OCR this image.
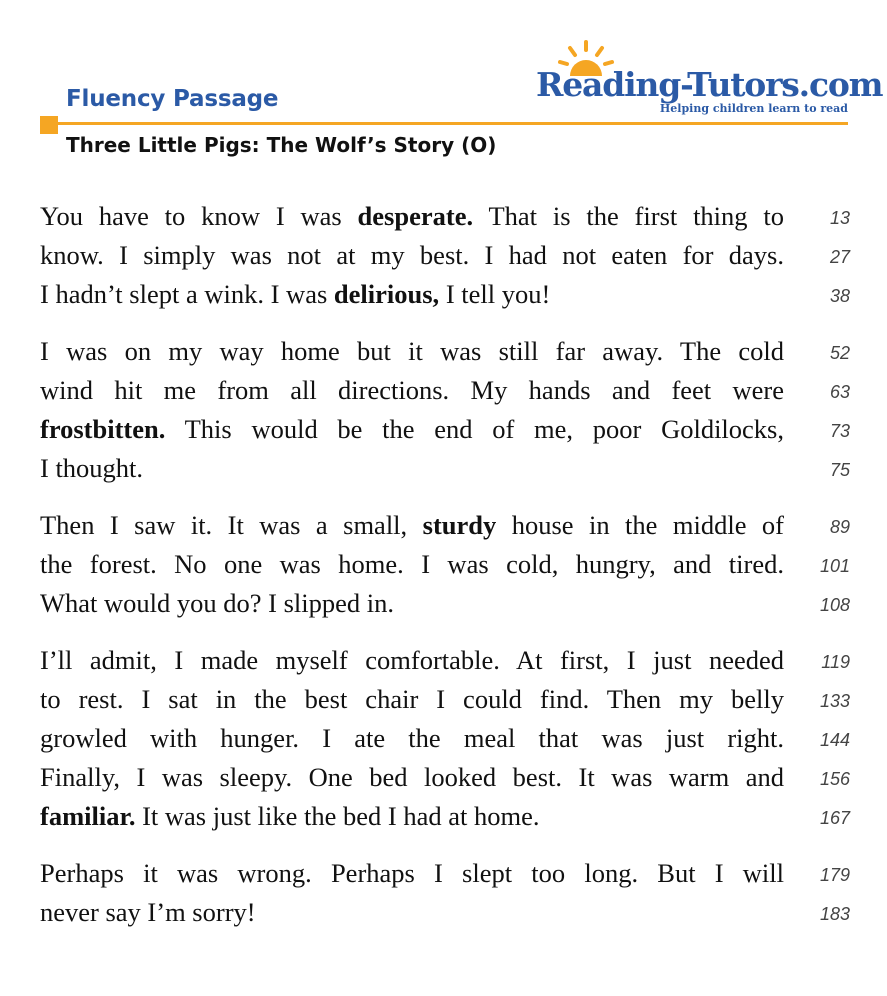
Reading-Tutors.com
Helping children learn to read
Fluency Passage
Three Little Pigs: The Wolf’s Story (O)
You have to know I was desperate. That is the first thing to	13
know. I simply was not at my best. I had not eaten for days.	27
I hadn’t slept a wink. I was delirious, I tell you!	38
I was on my way home but it was still far away. The cold	52
wind hit me from all directions. My hands and feet were	63
frostbitten. This would be the end of me, poor Goldilocks,	73
I thought.	75
Then I saw it. It was a small, sturdy house in the middle of	89
the forest. No one was home. I was cold, hungry, and tired. 101
What would you do? I slipped in.	108
I’ll admit, I made myself comfortable. At first, I just needed 119
to rest. I sat in the best chair I could find. Then my belly 133
growled with hunger. I ate the meal that was just right. 144
Finally, I was sleepy. One bed looked best. It was warm and 156
familiar. It was just like the bed I had at home.	167
Perhaps it was wrong. Perhaps I slept too long. But I will 179
never say I’m sorry!	183
